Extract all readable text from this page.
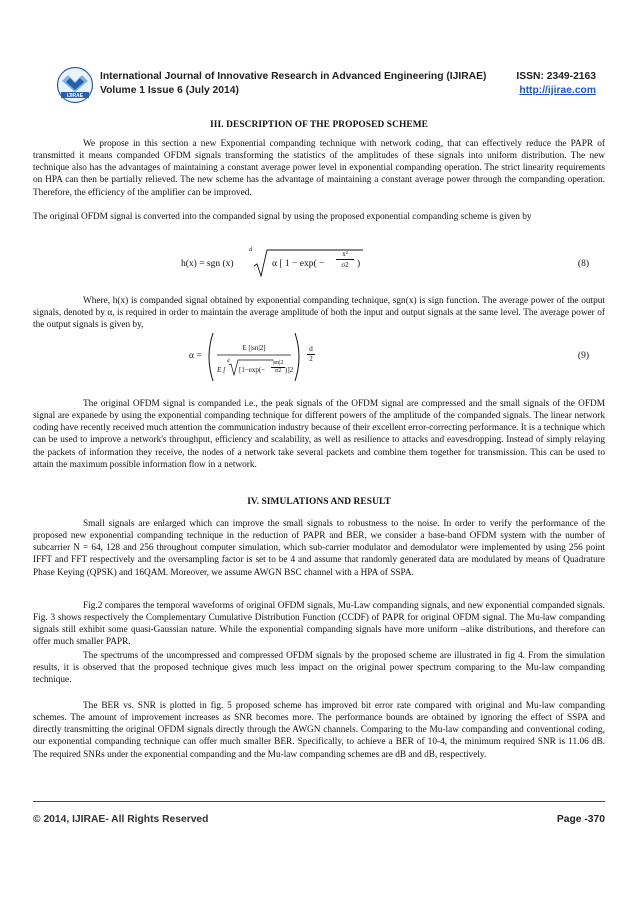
IJIRAE
International Journal of Innovative Research in Advanced Engineering (IJIRAE)
Volume 1 Issue 6 (July 2014)
ISSN: 2349-2163
http://ijirae.com
III. DESCRIPTION OF THE PROPOSED SCHEME
We propose in this section a new Exponential companding technique with network coding, that can effectively reduce the PAPR of transmitted it means companded OFDM signals transforming the statistics of the amplitudes of these signals into uniform distribution. The new technique also has the advantages of maintaining a constant average power level in exponential companding operation. The strict linearity requirements on HPA can then be partially relieved. The new scheme has the advantage of maintaining a constant average power through the companding operation. Therefore, the efficiency of the amplifier can be improved.
The original OFDM signal is converted into the companded signal by using the proposed exponential companding scheme is given by
h(x) = sgn (x)
d
α [ 1 − exp( −
x²
σ2 )	(8)
Where, h(x) is companded signal obtained by exponential companding technique, sgn(x) is sign function. The average power of the output signals, denoted by α, is required in order to maintain the average amplitude of both the input and output signals at the same level. The average power of the output signals is given by,
α =
E [|sn|2]
E [
d
[1−exp(−
|sn|2
σ2 )]2
d
2	(9)
The original OFDM signal is companded i.e., the peak signals of the OFDM signal are compressed and the small signals of the OFDM signal are expanede by using the exponential companding technique for different powers of the amplitude of the companded signals. The linear network coding have recently received much attention the communication industry because of their excellent error-correcting performance. It is a technique which can be used to improve a network's throughput, efficiency and scalability, as well as resilience to attacks and eavesdropping. Instead of simply relaying the packets of information they receive, the nodes of a network take several packets and combine them together for transmission. This can be used to attain the maximum possible information flow in a network.
IV. SIMULATIONS AND RESULT
Small signals are enlarged which can improve the small signals to robustness to the noise. In order to verify the performance of the proposed new exponential companding technique in the reduction of PAPR and BER, we consider a base-band OFDM system with the number of subcarrier N = 64, 128 and 256 throughout computer simulation, which sub-carrier modulator and demodulator were implemented by using 256 point IFFT and FFT respectively and the oversampling factor is set to be 4 and assume that randomly generated data are modulated by means of Quadrature Phase Keying (QPSK) and 16QAM. Moreover, we assume AWGN BSC channel with a HPA of SSPA.
Fig.2 compares the temporal waveforms of original OFDM signals, Mu-Law companding signals, and new exponential companded signals. Fig. 3 shows respectively the Complementary Cumulative Distribution Function (CCDF) of PAPR for original OFDM signal. The Mu-law companding signals still exhibit some quasi-Gaussian nature. While the exponential companding signals have more uniform –alike distributions, and therefore can offer much smaller PAPR.
The spectrums of the uncompressed and compressed OFDM signals by the proposed scheme are illustrated in fig 4. From the simulation results, it is observed that the proposed technique gives much less impact on the original power spectrum comparing to the Mu-law companding technique.
The BER vs. SNR is plotted in fig. 5 proposed scheme has improved bit error rate compared with original and Mu-law companding schemes. The amount of improvement increases as SNR becomes more. The performance bounds are obtained by ignoring the effect of SSPA and directly transmitting the original OFDM signals directly through the AWGN channels. Comparing to the Mu-law companding and conventional coding, our exponential companding technique can offer much smaller BER. Specifically, to achieve a BER of 10-4, the minimum required SNR is 11.06 dB. The required SNRs under the exponential companding and the Mu-law companding schemes are dB and dB, respectively.
© 2014, IJIRAE- All Rights Reserved	Page -370
